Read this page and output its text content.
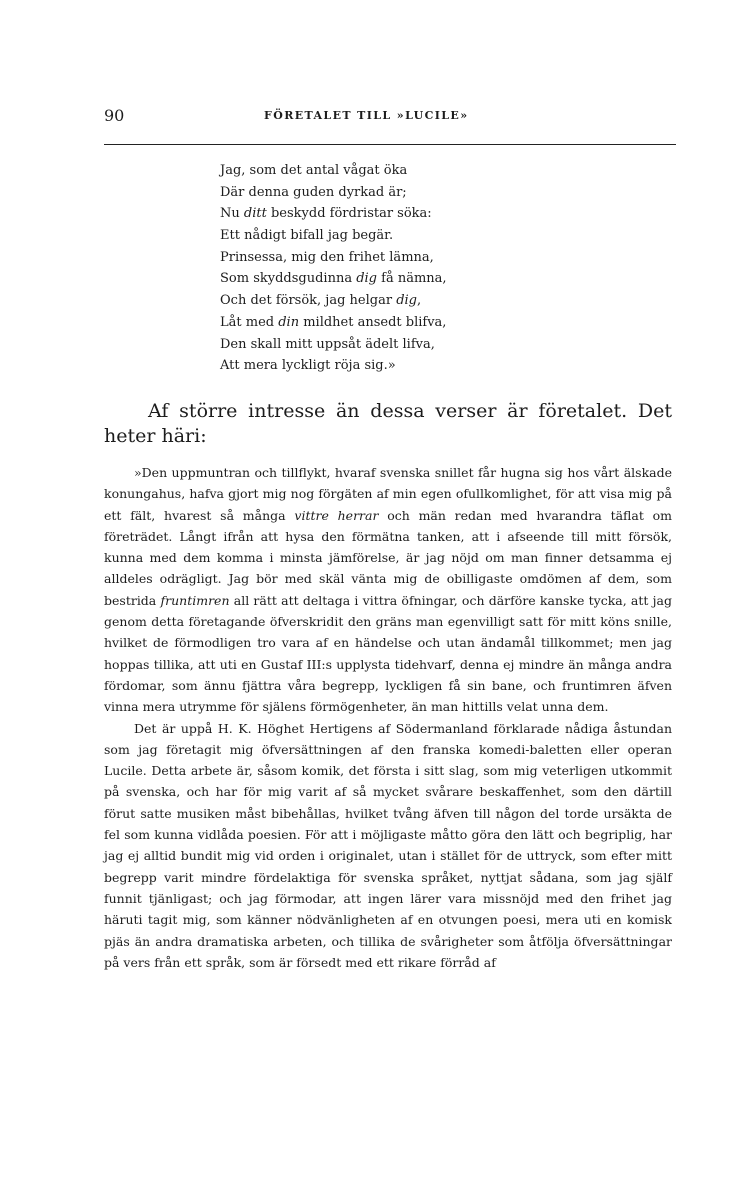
90	FÖRETALET TILL »LUCILE»
Jag, som det antal vågat öka
Där denna guden dyrkad är;
Nu ditt beskydd fördristar söka:
Ett nådigt bifall jag begär.
Prinsessa, mig den frihet lämna,
Som skyddsgudinna dig få nämna,
Och det försök, jag helgar dig,
Låt med din mildhet ansedt blifva,
Den skall mitt uppsåt ädelt lifva,
Att mera lyckligt röja sig.»

Af större intresse än dessa verser är företalet. Det heter häri:

»Den uppmuntran och tillflykt, hvaraf svenska snillet får hugna sig hos vårt älskade konungahus, hafva gjort mig nog förgäten af min egen ofullkomlighet, för att visa mig på ett fält, hvarest så många vittre herrar och män redan med hvarandra täflat om företrädet. Långt ifrån att hysa den förmätna tanken, att i afseende till mitt försök, kunna med dem komma i minsta jämförelse, är jag nöjd om man finner detsamma ej alldeles odrägligt. Jag bör med skäl vänta mig de obilligaste omdömen af dem, som bestrida fruntimren all rätt att deltaga i vittra öfningar, och därföre kanske tycka, att jag genom detta företagande öfverskridit den gräns man egenvilligt satt för mitt köns snille, hvilket de förmodligen tro vara af en händelse och utan ändamål tillkommet; men jag hoppas tillika, att uti en Gustaf III:s upplysta tidehvarf, denna ej mindre än många andra fördomar, som ännu fjättra våra begrepp, lyckligen få sin bane, och fruntimren äfven vinna mera utrymme för själens förmögenheter, än man hittills velat unna dem.

Det är uppå H. K. Höghet Hertigens af Södermanland förklarade nådiga åstundan som jag företagit mig öfversättningen af den franska komedi-baletten eller operan Lucile. Detta arbete är, såsom komik, det första i sitt slag, som mig veterligen utkommit på svenska, och har för mig varit af så mycket svårare beskaffenhet, som den därtill förut satte musiken måst bibehållas, hvilket tvång äfven till någon del torde ursäkta de fel som kunna vidlåda poesien. För att i möjligaste måtto göra den lätt och begriplig, har jag ej alltid bundit mig vid orden i originalet, utan i stället för de uttryck, som efter mitt begrepp varit mindre fördelaktiga för svenska språket, nyttjat sådana, som jag själf funnit tjänligast; och jag förmodar, att ingen lärer vara missnöjd med den frihet jag häruti tagit mig, som känner nödvänligheten af en otvungen poesi, mera uti en komisk pjäs än andra dramatiska arbeten, och tillika de svårigheter som åtfölja öfversättningar på vers från ett språk, som är försedt med ett rikare förråd af
